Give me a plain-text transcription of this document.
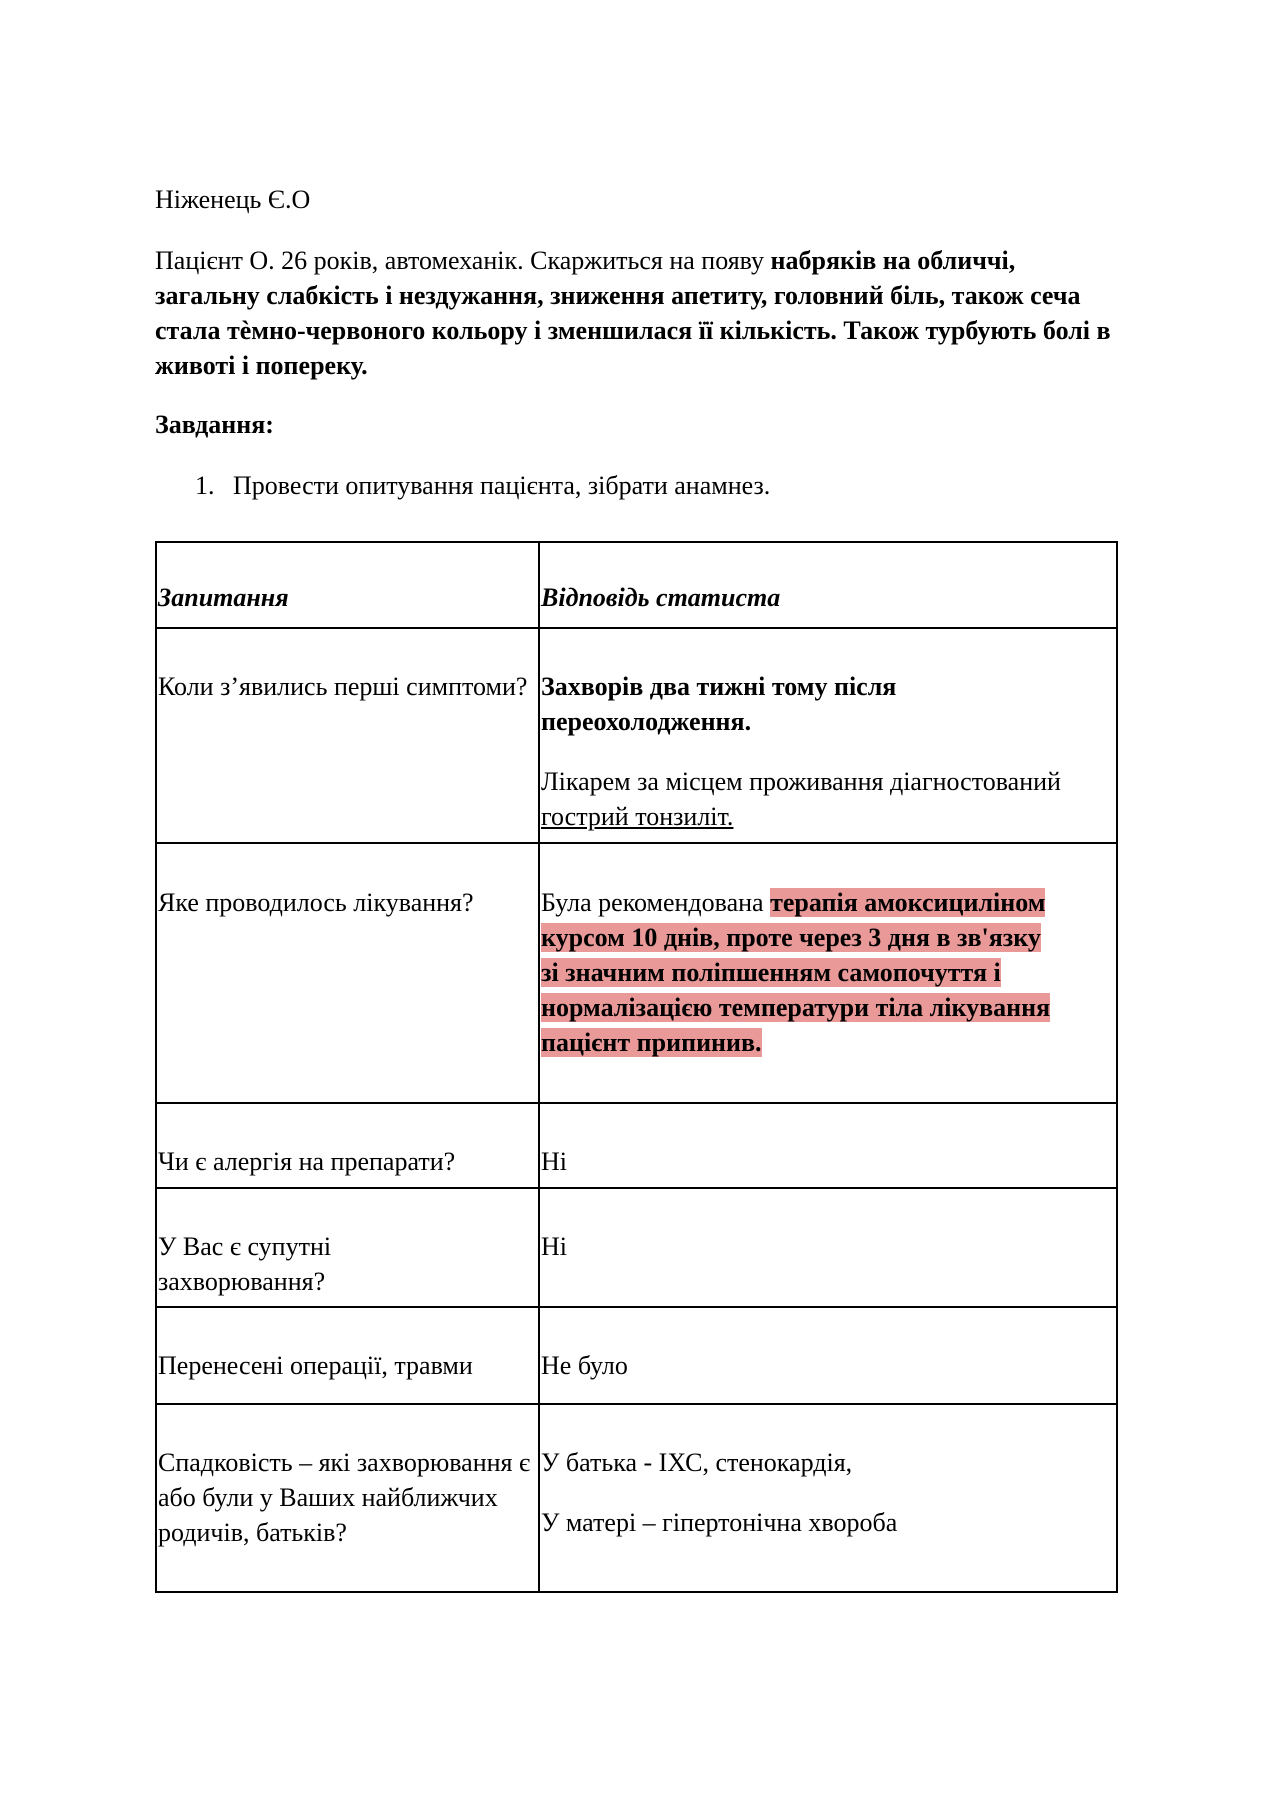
Ніженець Є.О
Пацієнт О. 26 років, автомеханік. Скаржиться на появу набряків на обличчі, загальну слабкість і нездужання, зниження апетиту, головний біль, також сеча стала тѐмно-червоного кольору і зменшилася її кількість. Також турбують болі в животі і попереку.
Завдання:
1. Провести опитування пацієнта, зібрати анамнез.
Запитання	Відповідь статиста

Коли з’явились перші симптоми?	Захворів два тижні тому після переохолодження.

Лікарем за місцем проживання діагностований гострий тонзиліт.

Яке проводилось лікування?	Була рекомендована терапія амоксициліном курсом 10 днів, проте через 3 дня в зв'язку зі значним поліпшенням самопочуття і нормалізацією температури тіла лікування пацієнт припинив.

Чи є алергія на препарати?	Ні

У Вас є супутні захворювання?	Ні

Перенесені операції, травми	Не було

Спадковість – які захворювання є або були у Ваших найближчих родичів, батьків?	У батька - ІХС, стенокардія,

У матері – гіпертонічна хвороба
